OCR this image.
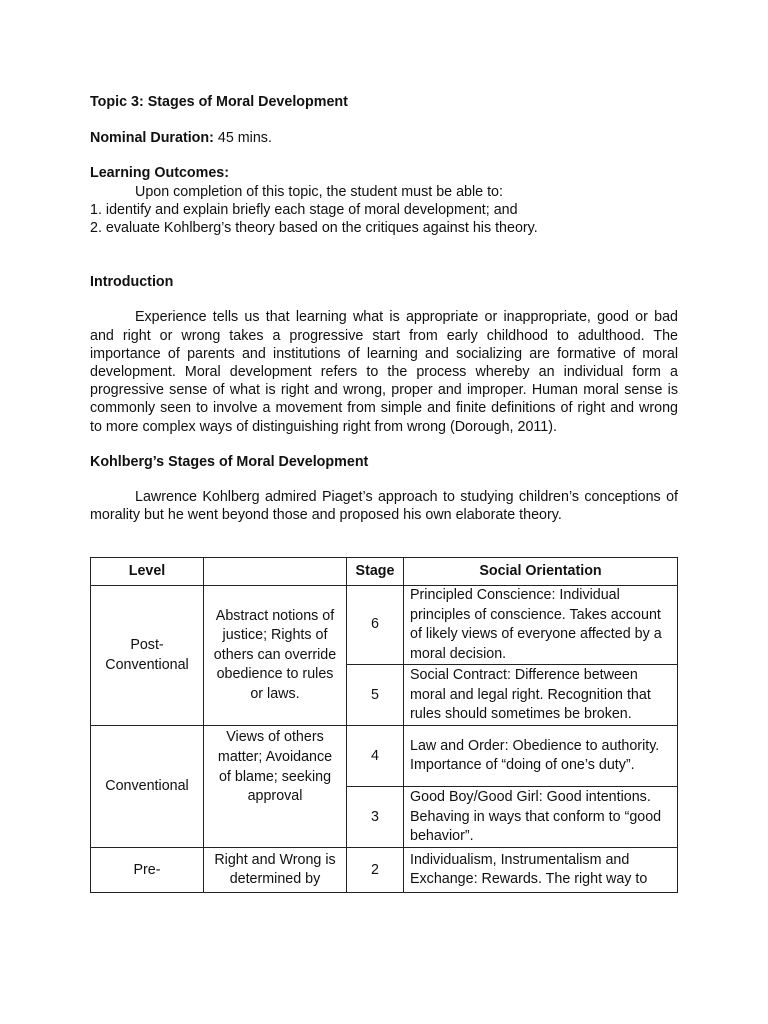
Topic 3: Stages of Moral Development
Nominal Duration: 45 mins.
Learning Outcomes:
Upon completion of this topic, the student must be able to:
1. identify and explain briefly each stage of moral development; and
2. evaluate Kohlberg’s theory based on the critiques against his theory.
Introduction
Experience tells us that learning what is appropriate or inappropriate, good or bad and right or wrong takes a progressive start from early childhood to adulthood. The importance of parents and institutions of learning and socializing are formative of moral development. Moral development refers to the process whereby an individual form a progressive sense of what is right and wrong, proper and improper. Human moral sense is commonly seen to involve a movement from simple and finite definitions of right and wrong to more complex ways of distinguishing right from wrong (Dorough, 2011).
Kohlberg’s Stages of Moral Development
Lawrence Kohlberg admired Piaget’s approach to studying children’s conceptions of morality but he went beyond those and proposed his own elaborate theory.
Level		Stage	Social Orientation
Post-Conventional	Abstract notions of justice; Rights of others can override obedience to rules or laws.	6	Principled Conscience: Individual principles of conscience. Takes account of likely views of everyone affected by a moral decision.
		5	Social Contract: Difference between moral and legal right. Recognition that rules should sometimes be broken.
Conventional	Views of others matter; Avoidance of blame; seeking approval	4	Law and Order: Obedience to authority. Importance of “doing of one’s duty”.
		3	Good Boy/Good Girl: Good intentions. Behaving in ways that conform to “good behavior”.
Pre-	Right and Wrong is determined by	2	Individualism, Instrumentalism and Exchange: Rewards. The right way to
